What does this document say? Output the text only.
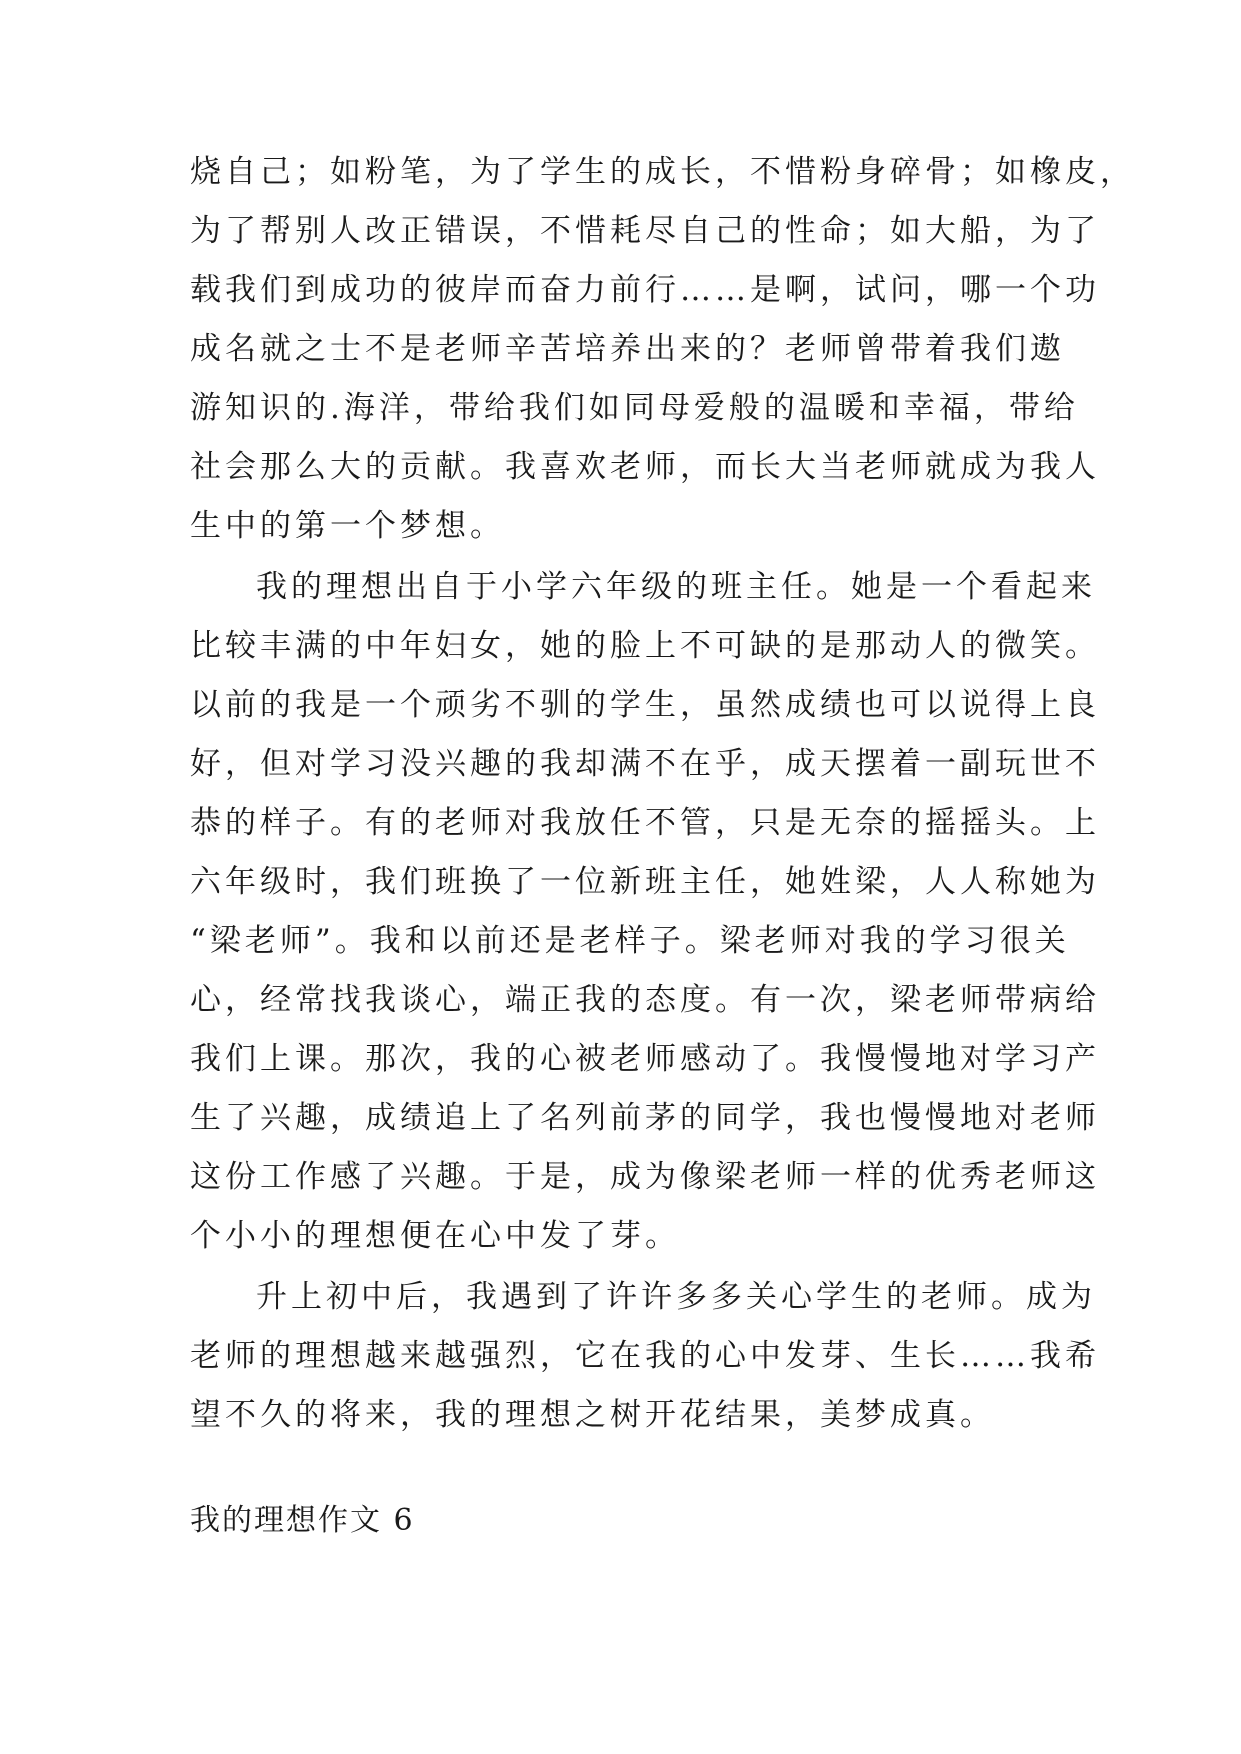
烧自己；如粉笔，为了学生的成长，不惜粉身碎骨；如橡皮，
为了帮别人改正错误，不惜耗尽自己的性命；如大船，为了
载我们到成功的彼岸而奋力前行……是啊，试问，哪一个功
成名就之士不是老师辛苦培养出来的？老师曾带着我们遨
游知识的.海洋，带给我们如同母爱般的温暖和幸福，带给
社会那么大的贡献。我喜欢老师，而长大当老师就成为我人
生中的第一个梦想。
我的理想出自于小学六年级的班主任。她是一个看起来
比较丰满的中年妇女，她的脸上不可缺的是那动人的微笑。
以前的我是一个顽劣不驯的学生，虽然成绩也可以说得上良
好，但对学习没兴趣的我却满不在乎，成天摆着一副玩世不
恭的样子。有的老师对我放任不管，只是无奈的摇摇头。上
六年级时，我们班换了一位新班主任，她姓梁，人人称她为
“梁老师”。我和以前还是老样子。梁老师对我的学习很关
心，经常找我谈心，端正我的态度。有一次，梁老师带病给
我们上课。那次，我的心被老师感动了。我慢慢地对学习产
生了兴趣，成绩追上了名列前茅的同学，我也慢慢地对老师
这份工作感了兴趣。于是，成为像梁老师一样的优秀老师这
个小小的理想便在心中发了芽。
升上初中后，我遇到了许许多多关心学生的老师。成为
老师的理想越来越强烈，它在我的心中发芽、生长……我希
望不久的将来，我的理想之树开花结果，美梦成真。
我的理想作文 6
